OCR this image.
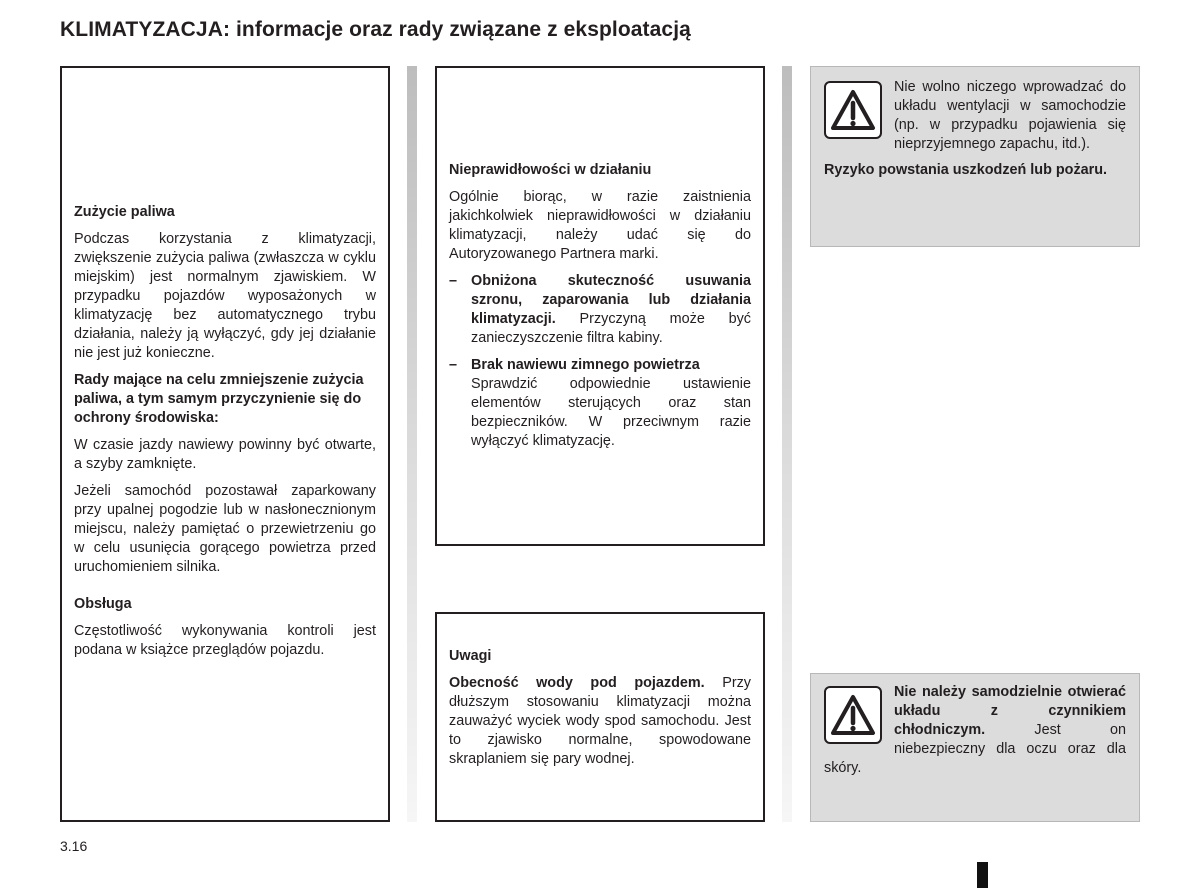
KLIMATYZACJA: informacje oraz rady związane z eksploatacją

Zużycie paliwa

Podczas korzystania z klimatyzacji, zwiększenie zużycia paliwa (zwłaszcza w cyklu miejskim) jest normalnym zjawiskiem. W przypadku pojazdów wyposażonych w klimatyzację bez automatycznego trybu działania, należy ją wyłączyć, gdy jej działanie nie jest już konieczne.

Rady mające na celu zmniejszenie zużycia paliwa, a tym samym przyczynienie się do ochrony środowiska:

W czasie jazdy nawiewy powinny być otwarte, a szyby zamknięte.

Jeżeli samochód pozostawał zaparkowany przy upalnej pogodzie lub w nasłonecznionym miejscu, należy pamiętać o przewietrzeniu go w celu usunięcia gorącego powietrza przed uruchomieniem silnika.

Obsługa

Częstotliwość wykonywania kontroli jest podana w książce przeglądów pojazdu.

Nieprawidłowości w działaniu

Ogólnie biorąc, w razie zaistnienia jakichkolwiek nieprawidłowości w działaniu klimatyzacji, należy udać się do Autoryzowanego Partnera marki.

– Obniżona skuteczność usuwania szronu, zaparowania lub działania klimatyzacji. Przyczyną może być zanieczyszczenie filtra kabiny.
– Brak nawiewu zimnego powietrza
Sprawdzić odpowiednie ustawienie elementów sterujących oraz stan bezpieczników. W przeciwnym razie wyłączyć klimatyzację.

Uwagi

Obecność wody pod pojazdem. Przy dłuższym stosowaniu klimatyzacji można zauważyć wyciek wody spod samochodu. Jest to zjawisko normalne, spowodowane skraplaniem się pary wodnej.

Nie wolno niczego wprowadzać do układu wentylacji w samochodzie (np. w przypadku pojawienia się nieprzyjemnego zapachu, itd.).

Ryzyko powstania uszkodzeń lub pożaru.

Nie należy samodzielnie otwierać układu z czynnikiem chłodniczym.	Jest on niebezpieczny dla oczu oraz dla skóry.

3.16
